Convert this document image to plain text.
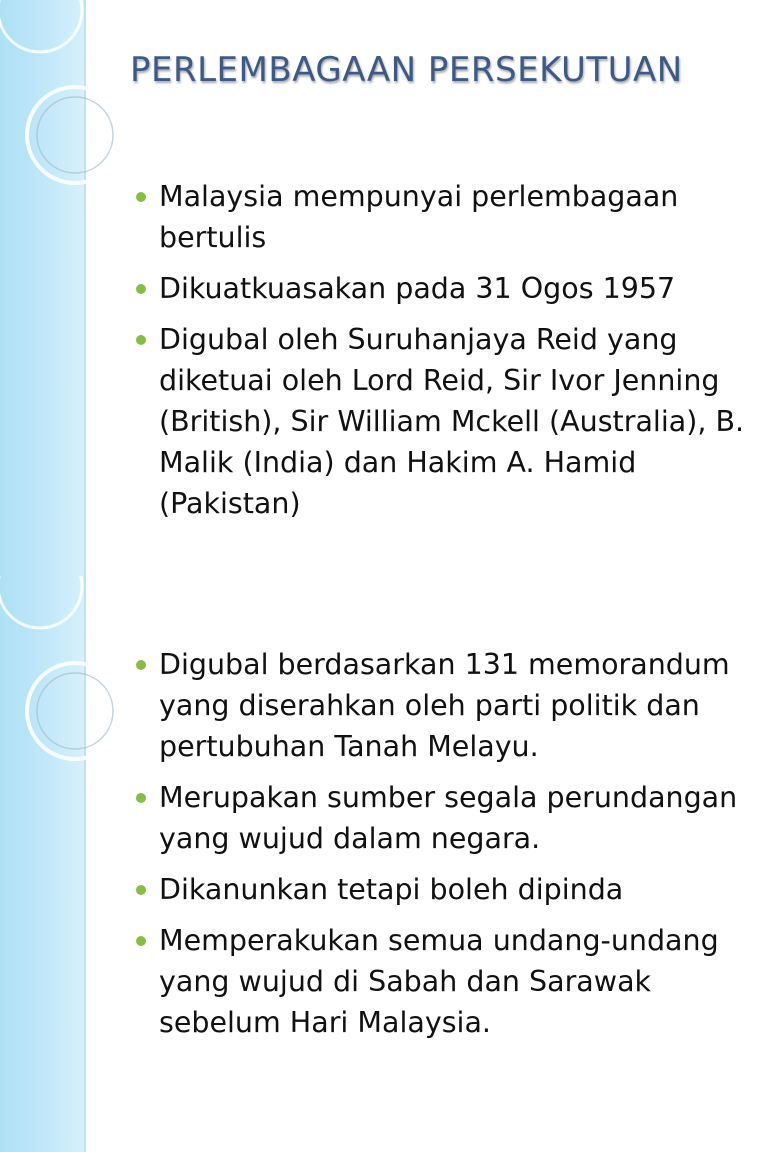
PERLEMBAGAAN PERSEKUTUAN
Malaysia mempunyai perlembagaan bertulis
Dikuatkuasakan pada 31 Ogos 1957
Digubal oleh Suruhanjaya Reid yang diketuai oleh Lord Reid, Sir Ivor Jenning (British), Sir William Mckell (Australia), B. Malik (India) dan Hakim A. Hamid (Pakistan)
Digubal berdasarkan 131 memorandum yang diserahkan oleh parti politik dan pertubuhan Tanah Melayu.
Merupakan sumber segala perundangan yang wujud dalam negara.
Dikanunkan tetapi boleh dipinda
Memperakukan semua undang-undang yang wujud di Sabah dan Sarawak sebelum Hari Malaysia.
